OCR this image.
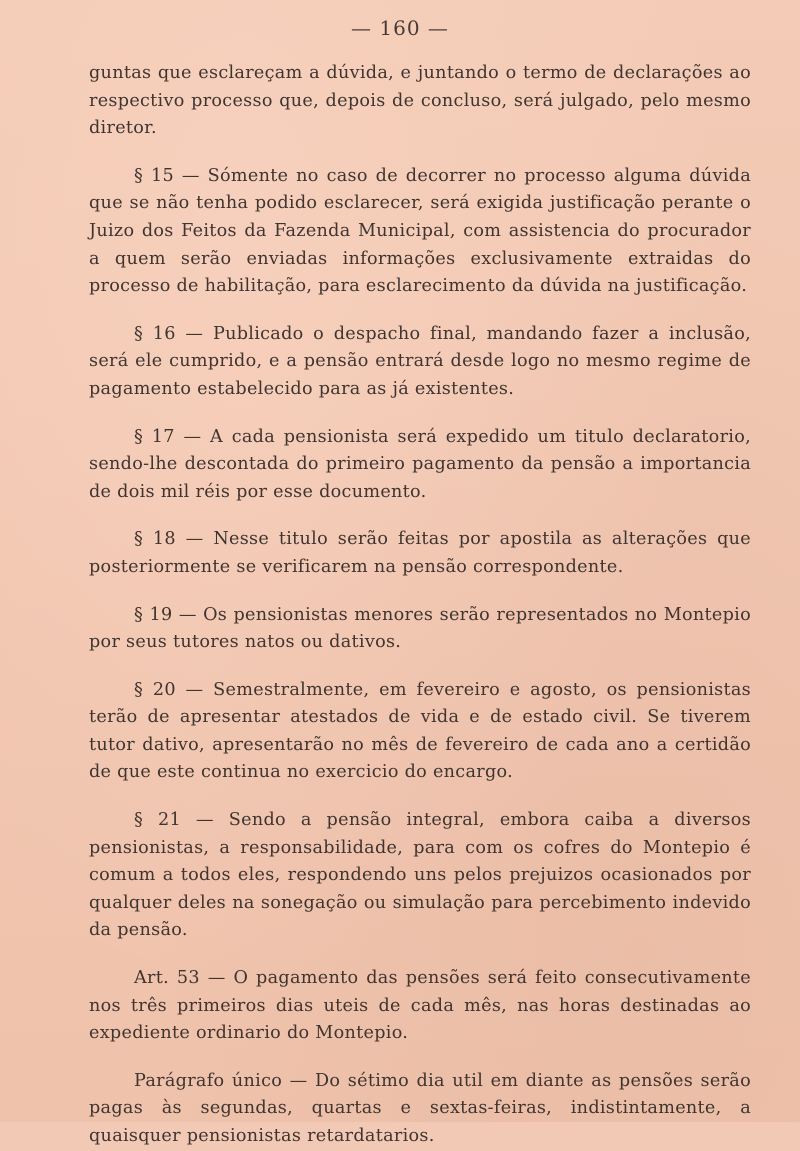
— 160 —

guntas que esclareçam a dúvida, e juntando o termo de declarações ao respectivo processo que, depois de concluso, será julgado, pelo mesmo diretor.

§ 15 — Sómente no caso de decorrer no processo alguma dúvida que se não tenha podido esclarecer, será exigida justificação perante o Juizo dos Feitos da Fazenda Municipal, com assistencia do procurador a quem serão enviadas informações exclusivamente extraidas do processo de habilitação, para esclarecimento da dúvida na justificação.

§ 16 — Publicado o despacho final, mandando fazer a inclusão, será ele cumprido, e a pensão entrará desde logo no mesmo regime de pagamento estabelecido para as já existentes.

§ 17 — A cada pensionista será expedido um titulo declaratorio, sendo-lhe descontada do primeiro pagamento da pensão a importancia de dois mil réis por esse documento.

§ 18 — Nesse titulo serão feitas por apostila as alterações que posteriormente se verificarem na pensão correspondente.

§ 19 — Os pensionistas menores serão representados no Montepio por seus tutores natos ou dativos.

§ 20 — Semestralmente, em fevereiro e agosto, os pensionistas terão de apresentar atestados de vida e de estado civil. Se tiverem tutor dativo, apresentarão no mês de fevereiro de cada ano a certidão de que este continua no exercicio do encargo.

§ 21 — Sendo a pensão integral, embora caiba a diversos pensionistas, a responsabilidade, para com os cofres do Montepio é comum a todos eles, respondendo uns pelos prejuizos ocasionados por qualquer deles na sonegação ou simulação para percebimento indevido da pensão.

Art. 53 — O pagamento das pensões será feito consecutivamente nos três primeiros dias uteis de cada mês, nas horas destinadas ao expediente ordinario do Montepio.

Parágrafo único — Do sétimo dia util em diante as pensões serão pagas às segundas, quartas e sextas-feiras, indistintamente, a quaisquer pensionistas retardatarios.
